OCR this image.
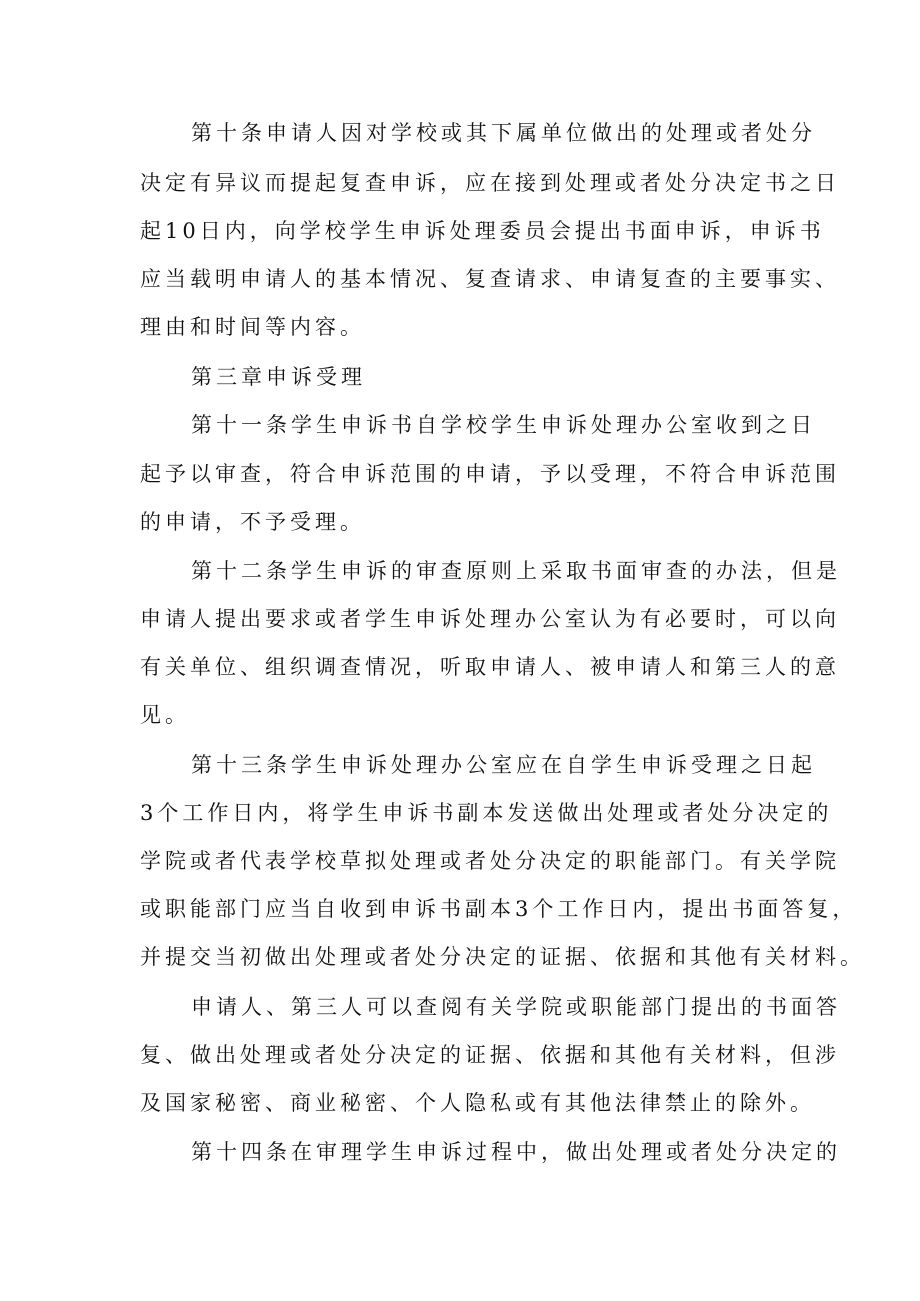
第十条申请人因对学校或其下属单位做出的处理或者处分
决定有异议而提起复查申诉，应在接到处理或者处分决定书之日
起10日内，向学校学生申诉处理委员会提出书面申诉，申诉书
应当载明申请人的基本情况、复查请求、申请复查的主要事实、
理由和时间等内容。
第三章申诉受理
第十一条学生申诉书自学校学生申诉处理办公室收到之日
起予以审查，符合申诉范围的申请，予以受理，不符合申诉范围
的申请，不予受理。
第十二条学生申诉的审查原则上采取书面审查的办法，但是
申请人提出要求或者学生申诉处理办公室认为有必要时，可以向
有关单位、组织调查情况，听取申请人、被申请人和第三人的意
见。
第十三条学生申诉处理办公室应在自学生申诉受理之日起
3个工作日内，将学生申诉书副本发送做出处理或者处分决定的
学院或者代表学校草拟处理或者处分决定的职能部门。有关学院
或职能部门应当自收到申诉书副本3个工作日内，提出书面答复，
并提交当初做出处理或者处分决定的证据、依据和其他有关材料。
申请人、第三人可以查阅有关学院或职能部门提出的书面答
复、做出处理或者处分决定的证据、依据和其他有关材料，但涉
及国家秘密、商业秘密、个人隐私或有其他法律禁止的除外。
第十四条在审理学生申诉过程中，做出处理或者处分决定的
